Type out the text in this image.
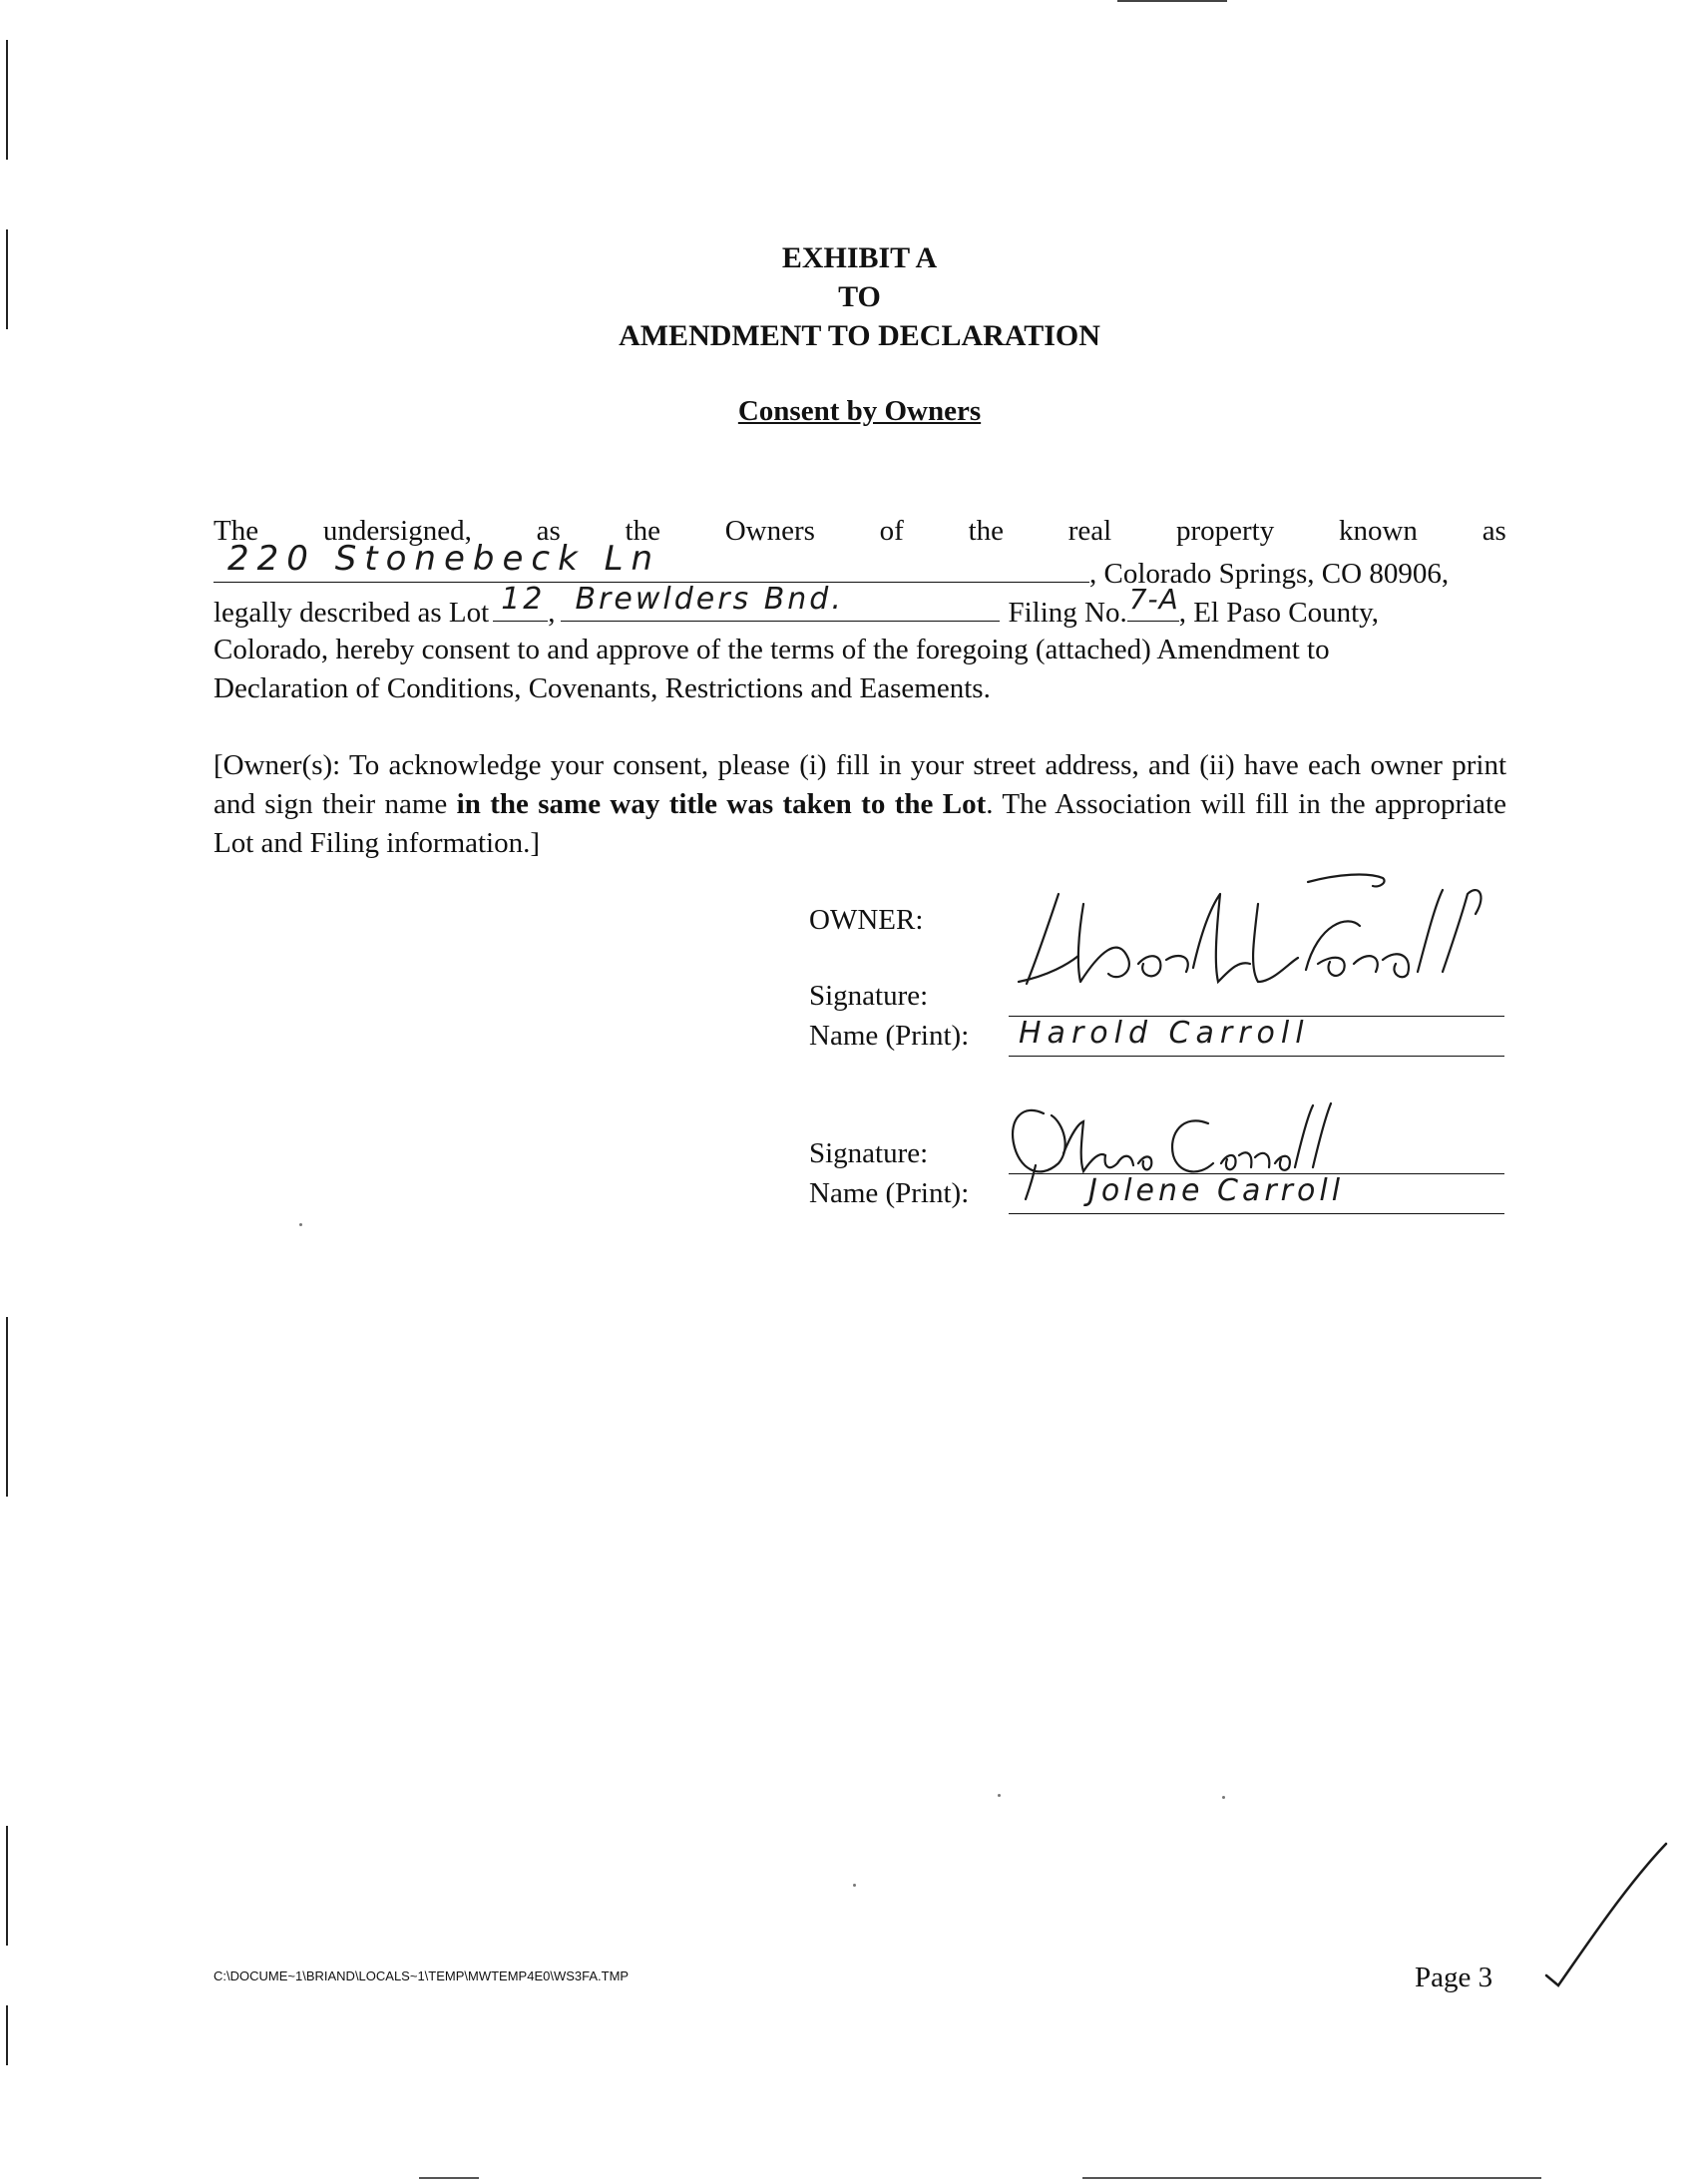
EXHIBIT A
TO
AMENDMENT TO DECLARATION
Consent by Owners
The undersigned, as the Owners of the real property known as
220 Stonebeck Ln	, Colorado Springs, CO 80906,
legally described as Lot 12 , Brewlders Bnd.	Filing No. 7-A , El Paso County,
Colorado, hereby consent to and approve of the terms of the foregoing (attached) Amendment to
Declaration of Conditions, Covenants, Restrictions and Easements.
[Owner(s): To acknowledge your consent, please (i) fill in your street address, and (ii) have each owner print and sign their name in the same way title was taken to the Lot. The Association will fill in the appropriate Lot and Filing information.]
OWNER:
Signature:
Name (Print): Harold Carroll
Signature:
Name (Print):	Jolene Carroll
C:\DOCUME~1\BRIAND\LOCALS~1\TEMP\MWTEMP4E0\WS3FA.TMP	Page 3
